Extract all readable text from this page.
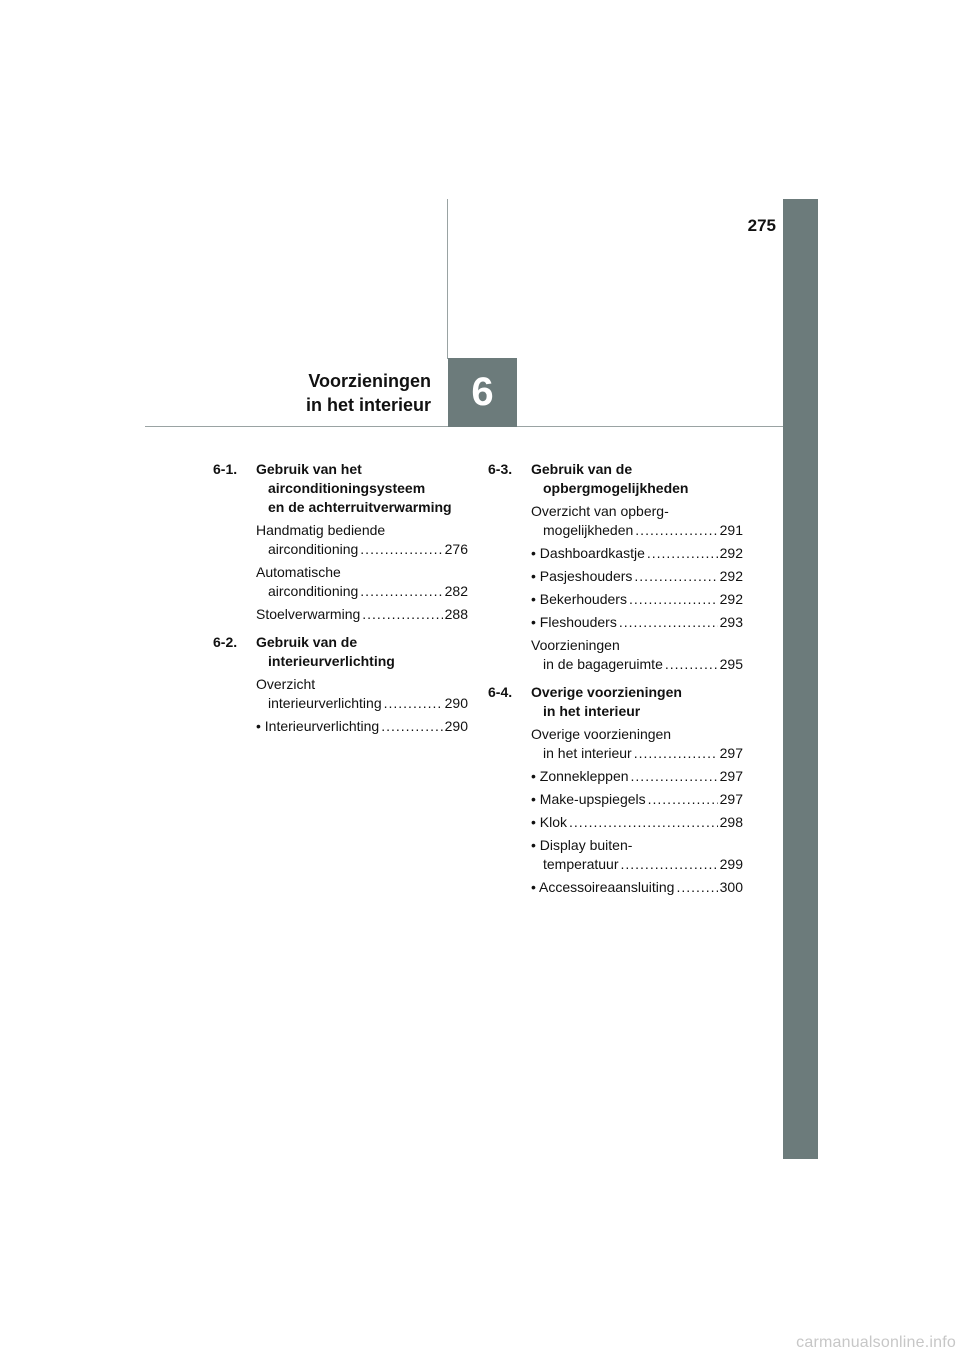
275
Voorzieningen
in het interieur 6
6-1.	Gebruik van het
airconditioningsysteem
en de achterruitverwarming
Handmatig bediende
airconditioning .....	276
Automatische
airconditioning .....	282
Stoelverwarming .....	288
6-2.	Gebruik van de
interieurverlichting
Overzicht
interieurverlichting .....	290
• Interieurverlichting .....	290
6-3.	Gebruik van de
opbergmogelijkheden
Overzicht van opberg-
mogelijkheden .....	291
• Dashboardkastje .....	292
• Pasjeshouders .....	292
• Bekerhouders .....	292
• Fleshouders .....	293
Voorzieningen
in de bagageruimte .....	295
6-4.	Overige voorzieningen
in het interieur
Overige voorzieningen
in het interieur .....	297
• Zonnekleppen .....	297
• Make-upspiegels .....	297
• Klok .....	298
• Display buiten-
temperatuur .....	299
• Accessoireaansluiting .....	300
carmanualsonline.info
